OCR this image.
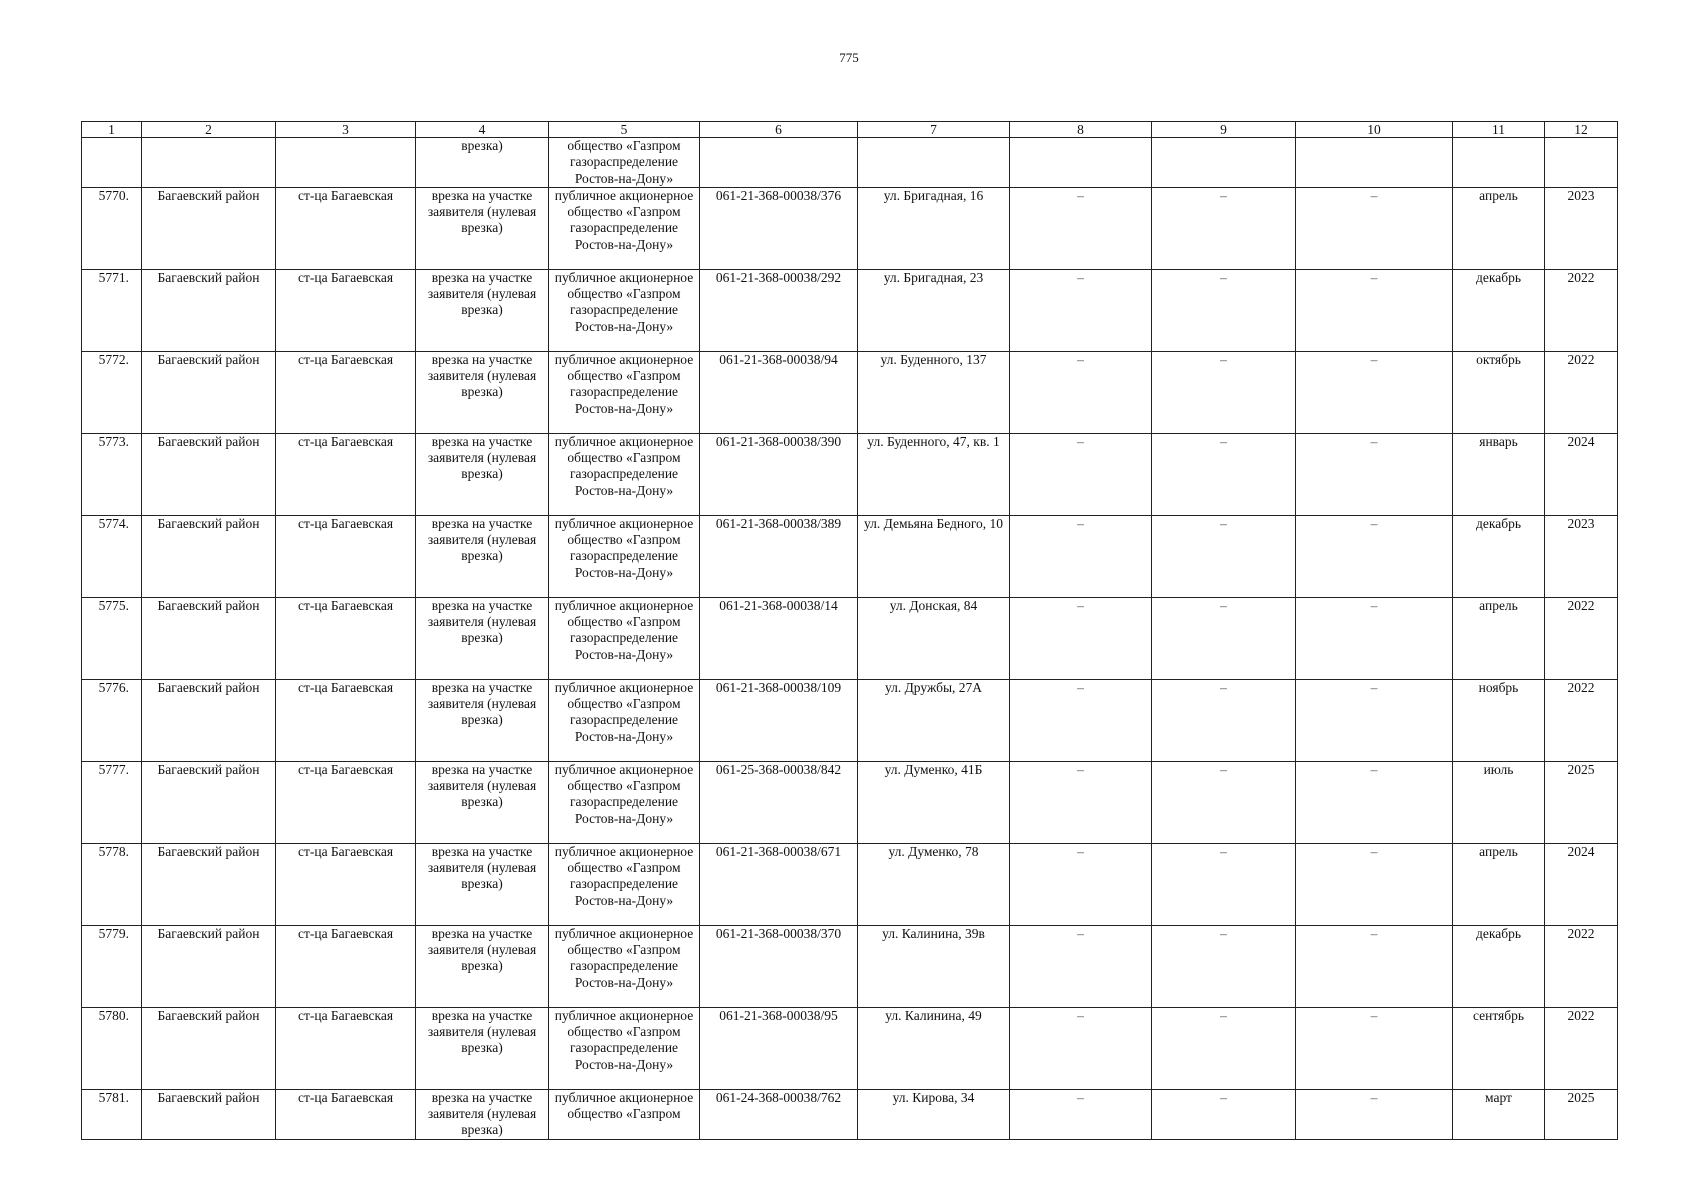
775
1	2	3	4	5	6	7	8	9	10	11	12
			врезка)	общество «Газпром газораспределение Ростов-на-Дону»							
5770.	Багаевский район	ст-ца Багаевская	врезка на участке заявителя (нулевая врезка)	публичное акционерное общество «Газпром газораспределение Ростов-на-Дону»	061-21-368-00038/376	ул. Бригадная, 16	–	–	–	апрель	2023
5771.	Багаевский район	ст-ца Багаевская	врезка на участке заявителя (нулевая врезка)	публичное акционерное общество «Газпром газораспределение Ростов-на-Дону»	061-21-368-00038/292	ул. Бригадная, 23	–	–	–	декабрь	2022
5772.	Багаевский район	ст-ца Багаевская	врезка на участке заявителя (нулевая врезка)	публичное акционерное общество «Газпром газораспределение Ростов-на-Дону»	061-21-368-00038/94	ул. Буденного, 137	–	–	–	октябрь	2022
5773.	Багаевский район	ст-ца Багаевская	врезка на участке заявителя (нулевая врезка)	публичное акционерное общество «Газпром газораспределение Ростов-на-Дону»	061-21-368-00038/390	ул. Буденного, 47, кв. 1	–	–	–	январь	2024
5774.	Багаевский район	ст-ца Багаевская	врезка на участке заявителя (нулевая врезка)	публичное акционерное общество «Газпром газораспределение Ростов-на-Дону»	061-21-368-00038/389	ул. Демьяна Бедного, 10	–	–	–	декабрь	2023
5775.	Багаевский район	ст-ца Багаевская	врезка на участке заявителя (нулевая врезка)	публичное акционерное общество «Газпром газораспределение Ростов-на-Дону»	061-21-368-00038/14	ул. Донская, 84	–	–	–	апрель	2022
5776.	Багаевский район	ст-ца Багаевская	врезка на участке заявителя (нулевая врезка)	публичное акционерное общество «Газпром газораспределение Ростов-на-Дону»	061-21-368-00038/109	ул. Дружбы, 27А	–	–	–	ноябрь	2022
5777.	Багаевский район	ст-ца Багаевская	врезка на участке заявителя (нулевая врезка)	публичное акционерное общество «Газпром газораспределение Ростов-на-Дону»	061-25-368-00038/842	ул. Думенко, 41Б	–	–	–	июль	2025
5778.	Багаевский район	ст-ца Багаевская	врезка на участке заявителя (нулевая врезка)	публичное акционерное общество «Газпром газораспределение Ростов-на-Дону»	061-21-368-00038/671	ул. Думенко, 78	–	–	–	апрель	2024
5779.	Багаевский район	ст-ца Багаевская	врезка на участке заявителя (нулевая врезка)	публичное акционерное общество «Газпром газораспределение Ростов-на-Дону»	061-21-368-00038/370	ул. Калинина, 39в	–	–	–	декабрь	2022
5780.	Багаевский район	ст-ца Багаевская	врезка на участке заявителя (нулевая врезка)	публичное акционерное общество «Газпром газораспределение Ростов-на-Дону»	061-21-368-00038/95	ул. Калинина, 49	–	–	–	сентябрь	2022
5781.	Багаевский район	ст-ца Багаевская	врезка на участке заявителя (нулевая врезка)	публичное акционерное общество «Газпром	061-24-368-00038/762	ул. Кирова, 34	–	–	–	март	2025
